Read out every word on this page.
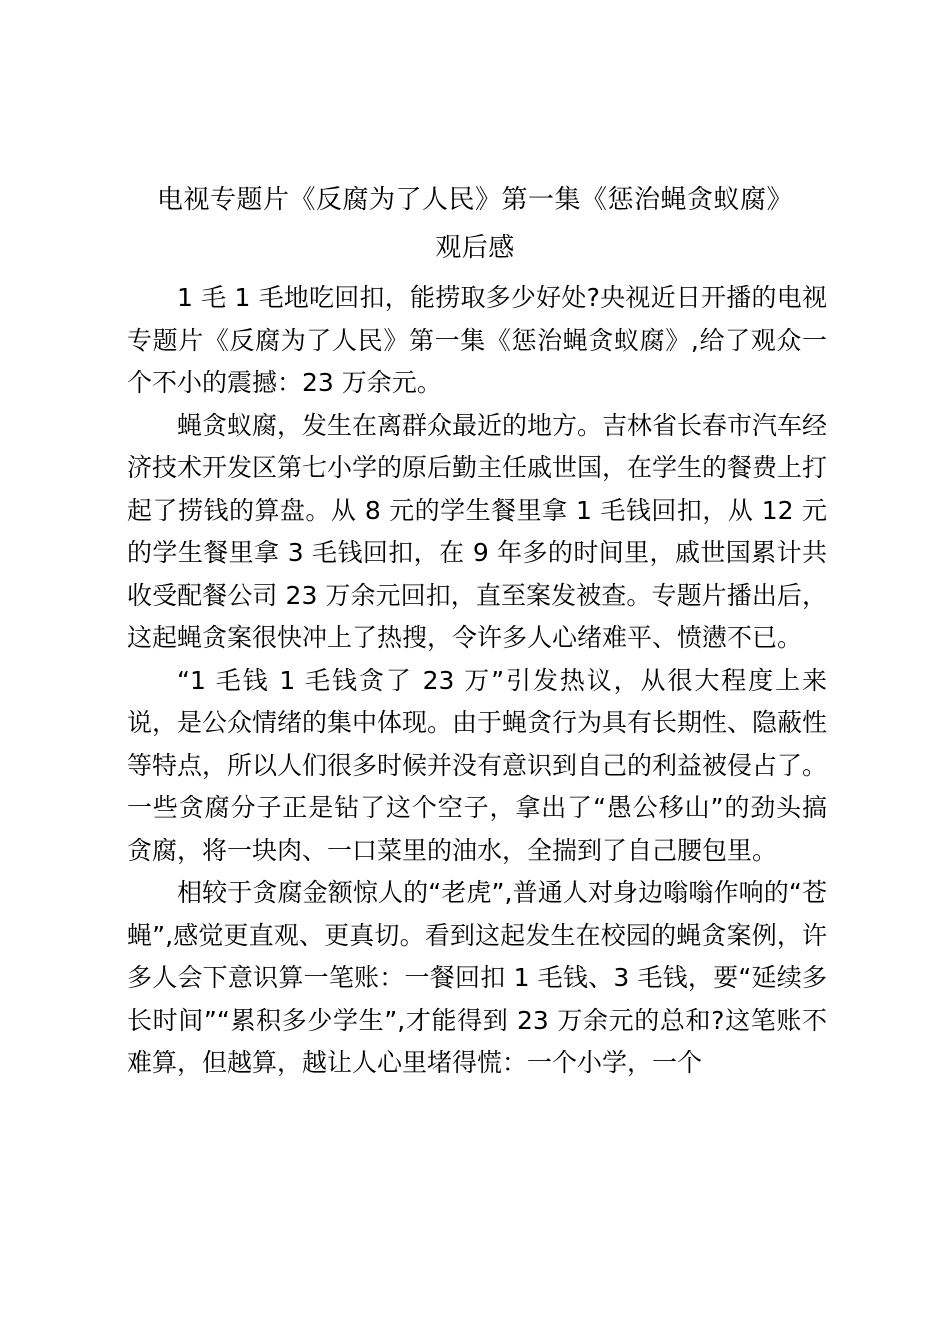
电视专题片《反腐为了人民》第一集《惩治蝇贪蚁腐》
观后感

1 毛 1 毛地吃回扣，能捞取多少好处?央视近日开播的电视专题片《反腐为了人民》第一集《惩治蝇贪蚁腐》,给了观众一个不小的震撼：23 万余元。

蝇贪蚁腐，发生在离群众最近的地方。吉林省长春市汽车经济技术开发区第七小学的原后勤主任戚世国，在学生的餐费上打起了捞钱的算盘。从 8 元的学生餐里拿 1 毛钱回扣，从 12 元的学生餐里拿 3 毛钱回扣，在 9 年多的时间里，戚世国累计共收受配餐公司 23 万余元回扣，直至案发被查。专题片播出后，这起蝇贪案很快冲上了热搜，令许多人心绪难平、愤懑不已。

“1 毛钱 1 毛钱贪了 23 万”引发热议，从很大程度上来说，是公众情绪的集中体现。由于蝇贪行为具有长期性、隐蔽性等特点，所以人们很多时候并没有意识到自己的利益被侵占了。一些贪腐分子正是钻了这个空子，拿出了“愚公移山”的劲头搞贪腐，将一块肉、一口菜里的油水，全揣到了自己腰包里。

相较于贪腐金额惊人的“老虎”,普通人对身边嗡嗡作响的“苍蝇”,感觉更直观、更真切。看到这起发生在校园的蝇贪案例，许多人会下意识算一笔账：一餐回扣 1 毛钱、3 毛钱，要“延续多长时间”“累积多少学生”,才能得到 23 万余元的总和?这笔账不难算，但越算，越让人心里堵得慌：一个小学，一个
